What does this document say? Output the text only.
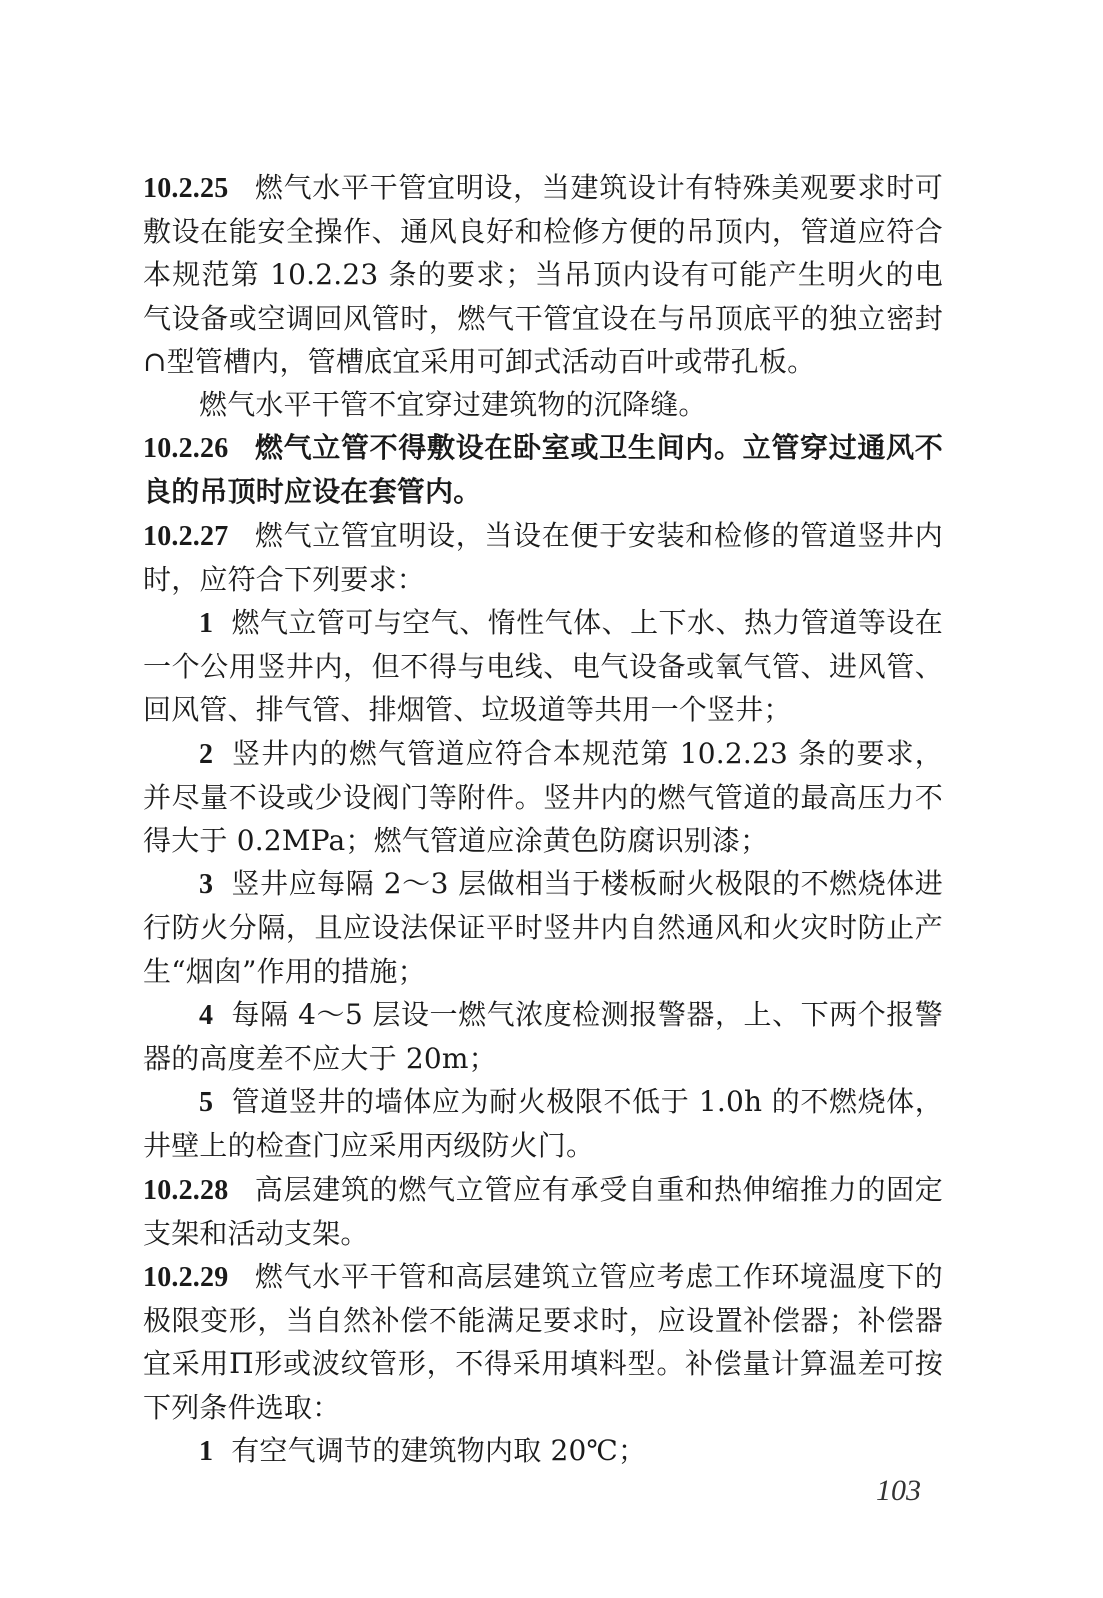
10.2.25 燃气水平干管宜明设，当建筑设计有特殊美观要求时可敷设在能安全操作、通风良好和检修方便的吊顶内，管道应符合本规范第 10.2.23 条的要求；当吊顶内设有可能产生明火的电气设备或空调回风管时，燃气干管宜设在与吊顶底平的独立密封∩型管槽内，管槽底宜采用可卸式活动百叶或带孔板。

燃气水平干管不宜穿过建筑物的沉降缝。

10.2.26 燃气立管不得敷设在卧室或卫生间内。立管穿过通风不良的吊顶时应设在套管内。

10.2.27 燃气立管宜明设，当设在便于安装和检修的管道竖井内时，应符合下列要求：

1 燃气立管可与空气、惰性气体、上下水、热力管道等设在一个公用竖井内，但不得与电线、电气设备或氧气管、进风管、回风管、排气管、排烟管、垃圾道等共用一个竖井；

2 竖井内的燃气管道应符合本规范第 10.2.23 条的要求，并尽量不设或少设阀门等附件。竖井内的燃气管道的最高压力不得大于 0.2MPa；燃气管道应涂黄色防腐识别漆；

3 竖井应每隔 2～3 层做相当于楼板耐火极限的不燃烧体进行防火分隔，且应设法保证平时竖井内自然通风和火灾时防止产生“烟囱”作用的措施；

4 每隔 4～5 层设一燃气浓度检测报警器，上、下两个报警器的高度差不应大于 20m；

5 管道竖井的墙体应为耐火极限不低于 1.0h 的不燃烧体，井壁上的检查门应采用丙级防火门。

10.2.28 高层建筑的燃气立管应有承受自重和热伸缩推力的固定支架和活动支架。

10.2.29 燃气水平干管和高层建筑立管应考虑工作环境温度下的极限变形，当自然补偿不能满足要求时，应设置补偿器；补偿器宜采用Π形或波纹管形，不得采用填料型。补偿量计算温差可按下列条件选取：

1 有空气调节的建筑物内取 20℃；

103
